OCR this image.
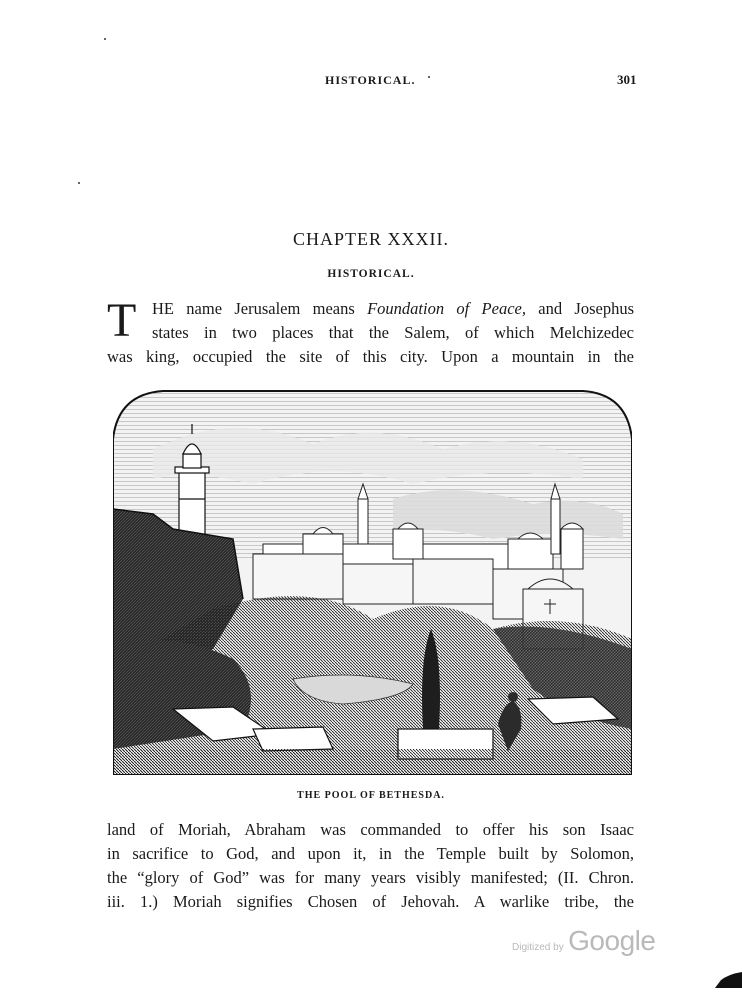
HISTORICAL.	301
CHAPTER XXXII.
HISTORICAL.
T HE name Jerusalem means Foundation of Peace, and Josephus
states in two places that the Salem, of which Melchizedec
was king, occupied the site of this city. Upon a mountain in the
THE POOL OF BETHESDA.
land of Moriah, Abraham was commanded to offer his son Isaac
in sacrifice to God, and upon it, in the Temple built by Solomon,
the “glory of God” was for many years visibly manifested; (II. Chron.
iii. 1.) Moriah signifies Chosen of Jehovah. A warlike tribe, the
Digitized by Google
